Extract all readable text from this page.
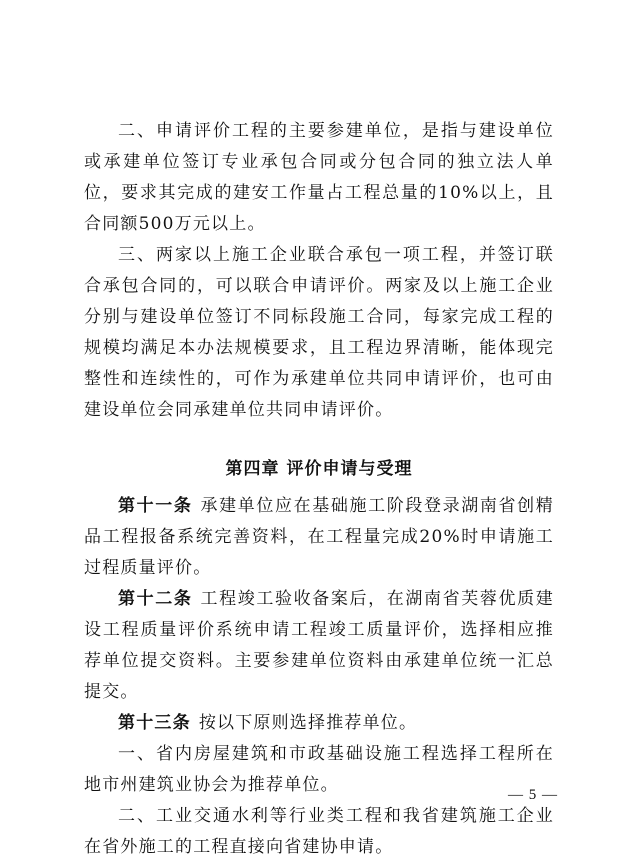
二、申请评价工程的主要参建单位，是指与建设单位或承建单位签订专业承包合同或分包合同的独立法人单位，要求其完成的建安工作量占工程总量的10%以上，且合同额500万元以上。

三、两家以上施工企业联合承包一项工程，并签订联合承包合同的，可以联合申请评价。两家及以上施工企业分别与建设单位签订不同标段施工合同，每家完成工程的规模均满足本办法规模要求，且工程边界清晰，能体现完整性和连续性的，可作为承建单位共同申请评价，也可由建设单位会同承建单位共同申请评价。

第四章 评价申请与受理

第十一条 承建单位应在基础施工阶段登录湖南省创精品工程报备系统完善资料，在工程量完成20%时申请施工过程质量评价。

第十二条 工程竣工验收备案后，在湖南省芙蓉优质建设工程质量评价系统申请工程竣工质量评价，选择相应推荐单位提交资料。主要参建单位资料由承建单位统一汇总提交。

第十三条 按以下原则选择推荐单位。

一、省内房屋建筑和市政基础设施工程选择工程所在地市州建筑业协会为推荐单位。

二、工业交通水利等行业类工程和我省建筑施工企业在省外施工的工程直接向省建协申请。

— 5 —
